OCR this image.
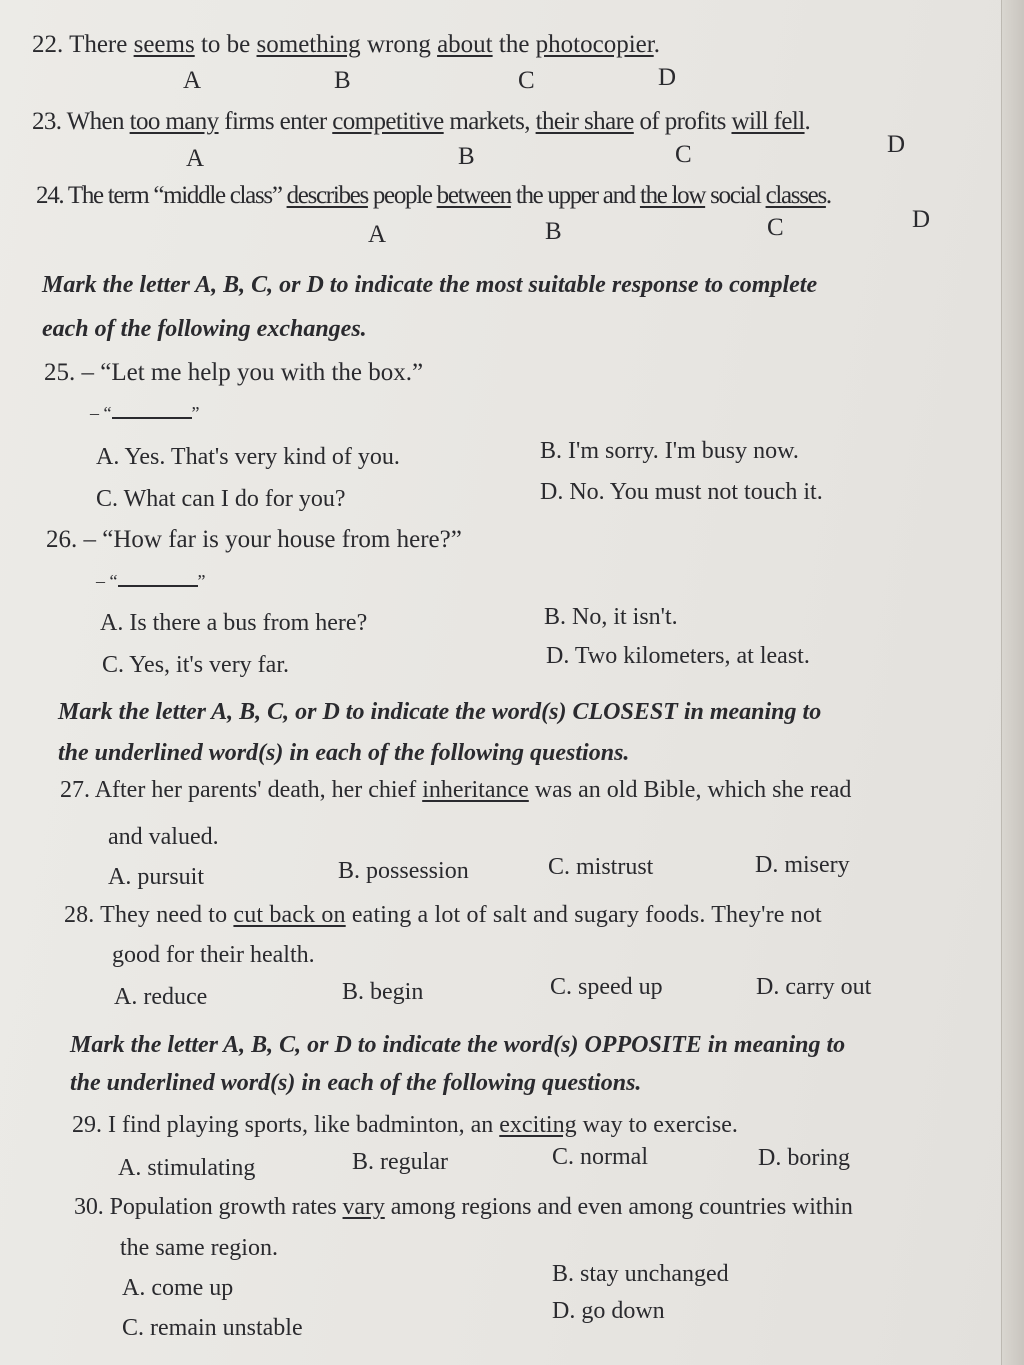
22. There seems to be something wrong about the photocopier.
A	B	C	D
23. When too many firms enter competitive markets, their share of profits will fell.
A	B	C	D
24. The term “middle class” describes people between the upper and the low social classes.
A	B	C	D
Mark the letter A, B, C, or D to indicate the most suitable response to complete
each of the following exchanges.
25. – “Let me help you with the box.”
– “	”
A. Yes. That's very kind of you.	B. I'm sorry. I'm busy now.
C. What can I do for you?	D. No. You must not touch it.
26. – “How far is your house from here?”
– “	”
A. Is there a bus from here?	B. No, it isn't.
C. Yes, it's very far.	D. Two kilometers, at least.
Mark the letter A, B, C, or D to indicate the word(s) CLOSEST in meaning to
the underlined word(s) in each of the following questions.
27. After her parents' death, her chief inheritance was an old Bible, which she read
and valued.
A. pursuit	B. possession	C. mistrust	D. misery
28. They need to cut back on eating a lot of salt and sugary foods. They're not
good for their health.
A. reduce	B. begin	C. speed up	D. carry out
Mark the letter A, B, C, or D to indicate the word(s) OPPOSITE in meaning to
the underlined word(s) in each of the following questions.
29. I find playing sports, like badminton, an exciting way to exercise.
A. stimulating	B. regular	C. normal	D. boring
30. Population growth rates vary among regions and even among countries within
the same region.
A. come up
B. stay unchanged
C. remain unstable
D. go down
